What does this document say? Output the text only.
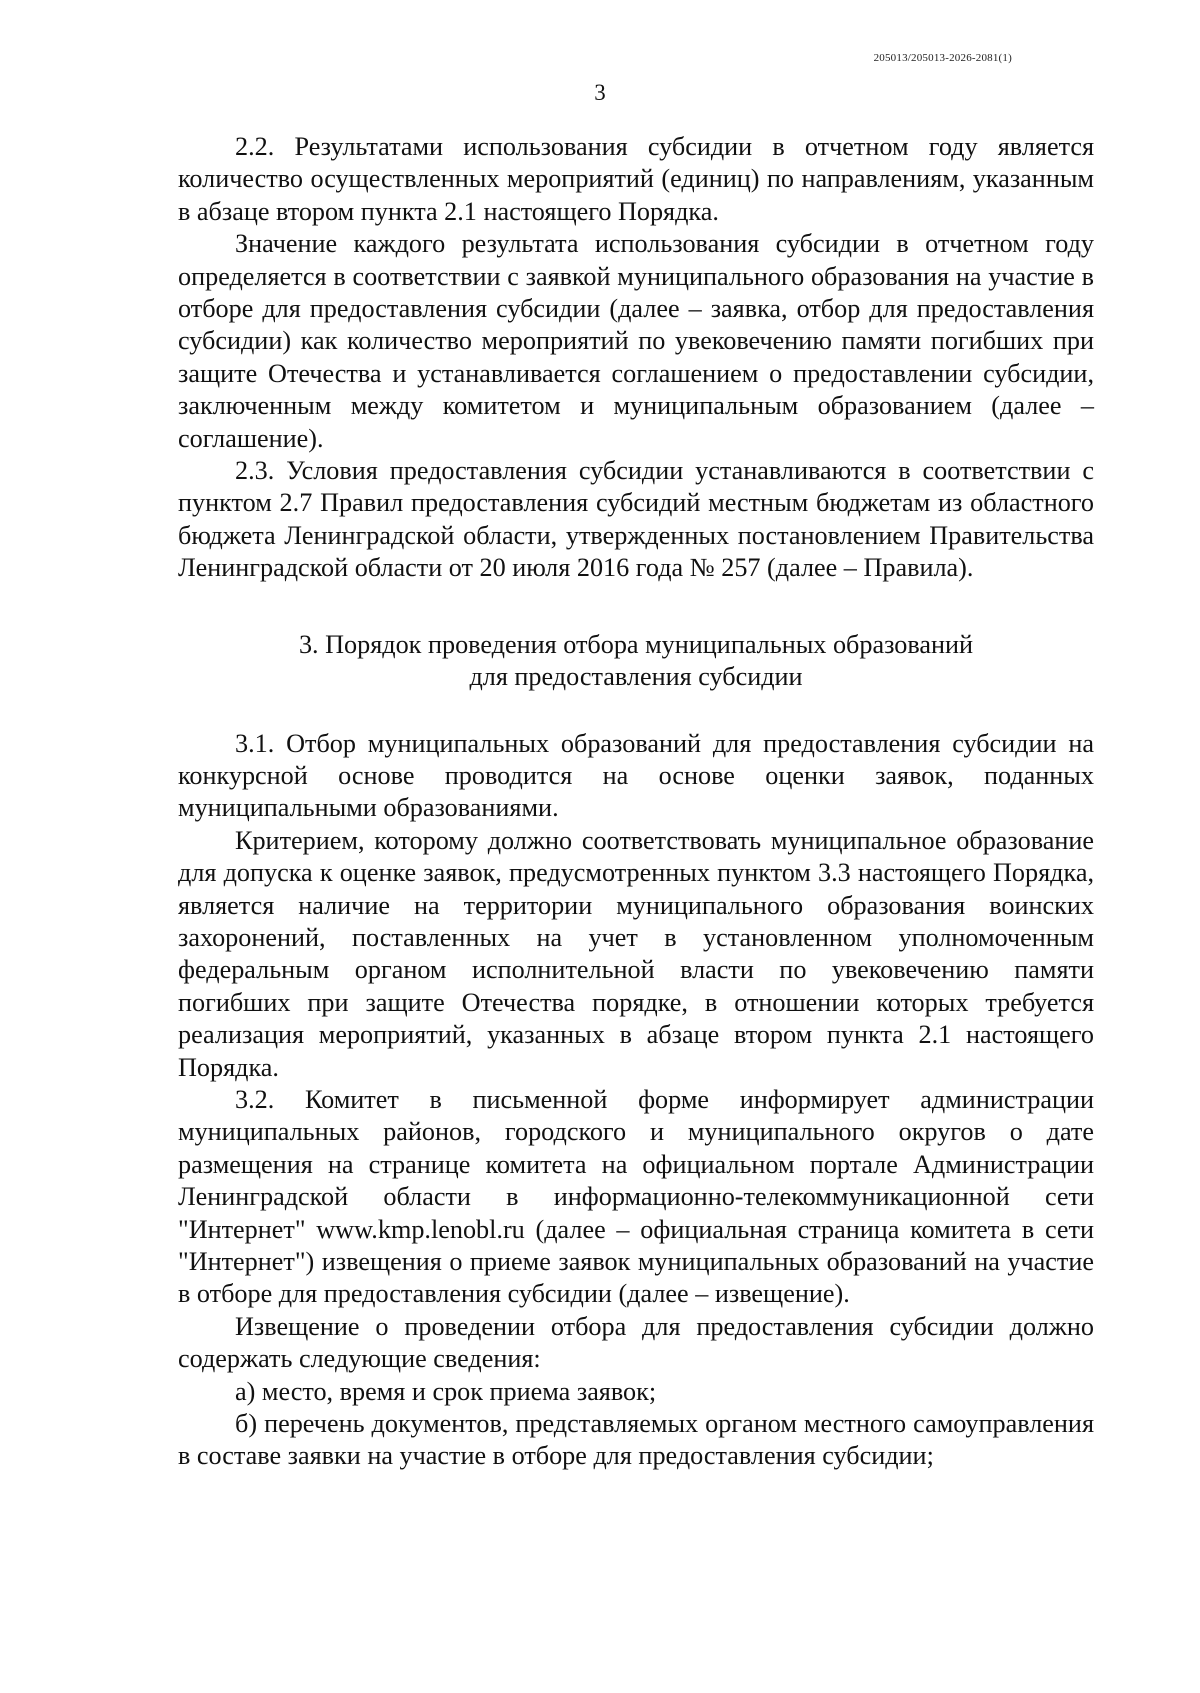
205013/205013-2026-2081(1)
3

2.2. Результатами использования субсидии в отчетном году является количество осуществленных мероприятий (единиц) по направлениям, указанным в абзаце втором пункта 2.1 настоящего Порядка.

Значение каждого результата использования субсидии в отчетном году определяется в соответствии с заявкой муниципального образования на участие в отборе для предоставления субсидии (далее – заявка, отбор для предоставления субсидии) как количество мероприятий по увековечению памяти погибших при защите Отечества и устанавливается соглашением о предоставлении субсидии, заключенным между комитетом и муниципальным образованием (далее – соглашение).

2.3. Условия предоставления субсидии устанавливаются в соответствии с пунктом 2.7 Правил предоставления субсидий местным бюджетам из областного бюджета Ленинградской области, утвержденных постановлением Правительства Ленинградской области от 20 июля 2016 года № 257 (далее – Правила).

3. Порядок проведения отбора муниципальных образований
для предоставления субсидии

3.1. Отбор муниципальных образований для предоставления субсидии на конкурсной основе проводится на основе оценки заявок, поданных муниципальными образованиями.

Критерием, которому должно соответствовать муниципальное образование для допуска к оценке заявок, предусмотренных пунктом 3.3 настоящего Порядка, является наличие на территории муниципального образования воинских захоронений, поставленных на учет в установленном уполномоченным федеральным органом исполнительной власти по увековечению памяти погибших при защите Отечества порядке, в отношении которых требуется реализация мероприятий, указанных в абзаце втором пункта 2.1 настоящего Порядка.

3.2. Комитет в письменной форме информирует администрации муниципальных районов, городского и муниципального округов о дате размещения на странице комитета на официальном портале Администрации Ленинградской области в информационно-телекоммуникационной сети "Интернет" www.kmp.lenobl.ru (далее – официальная страница комитета в сети "Интернет") извещения о приеме заявок муниципальных образований на участие в отборе для предоставления субсидии (далее – извещение).

Извещение о проведении отбора для предоставления субсидии должно содержать следующие сведения:

а) место, время и срок приема заявок;

б) перечень документов, представляемых органом местного самоуправления в составе заявки на участие в отборе для предоставления субсидии;
